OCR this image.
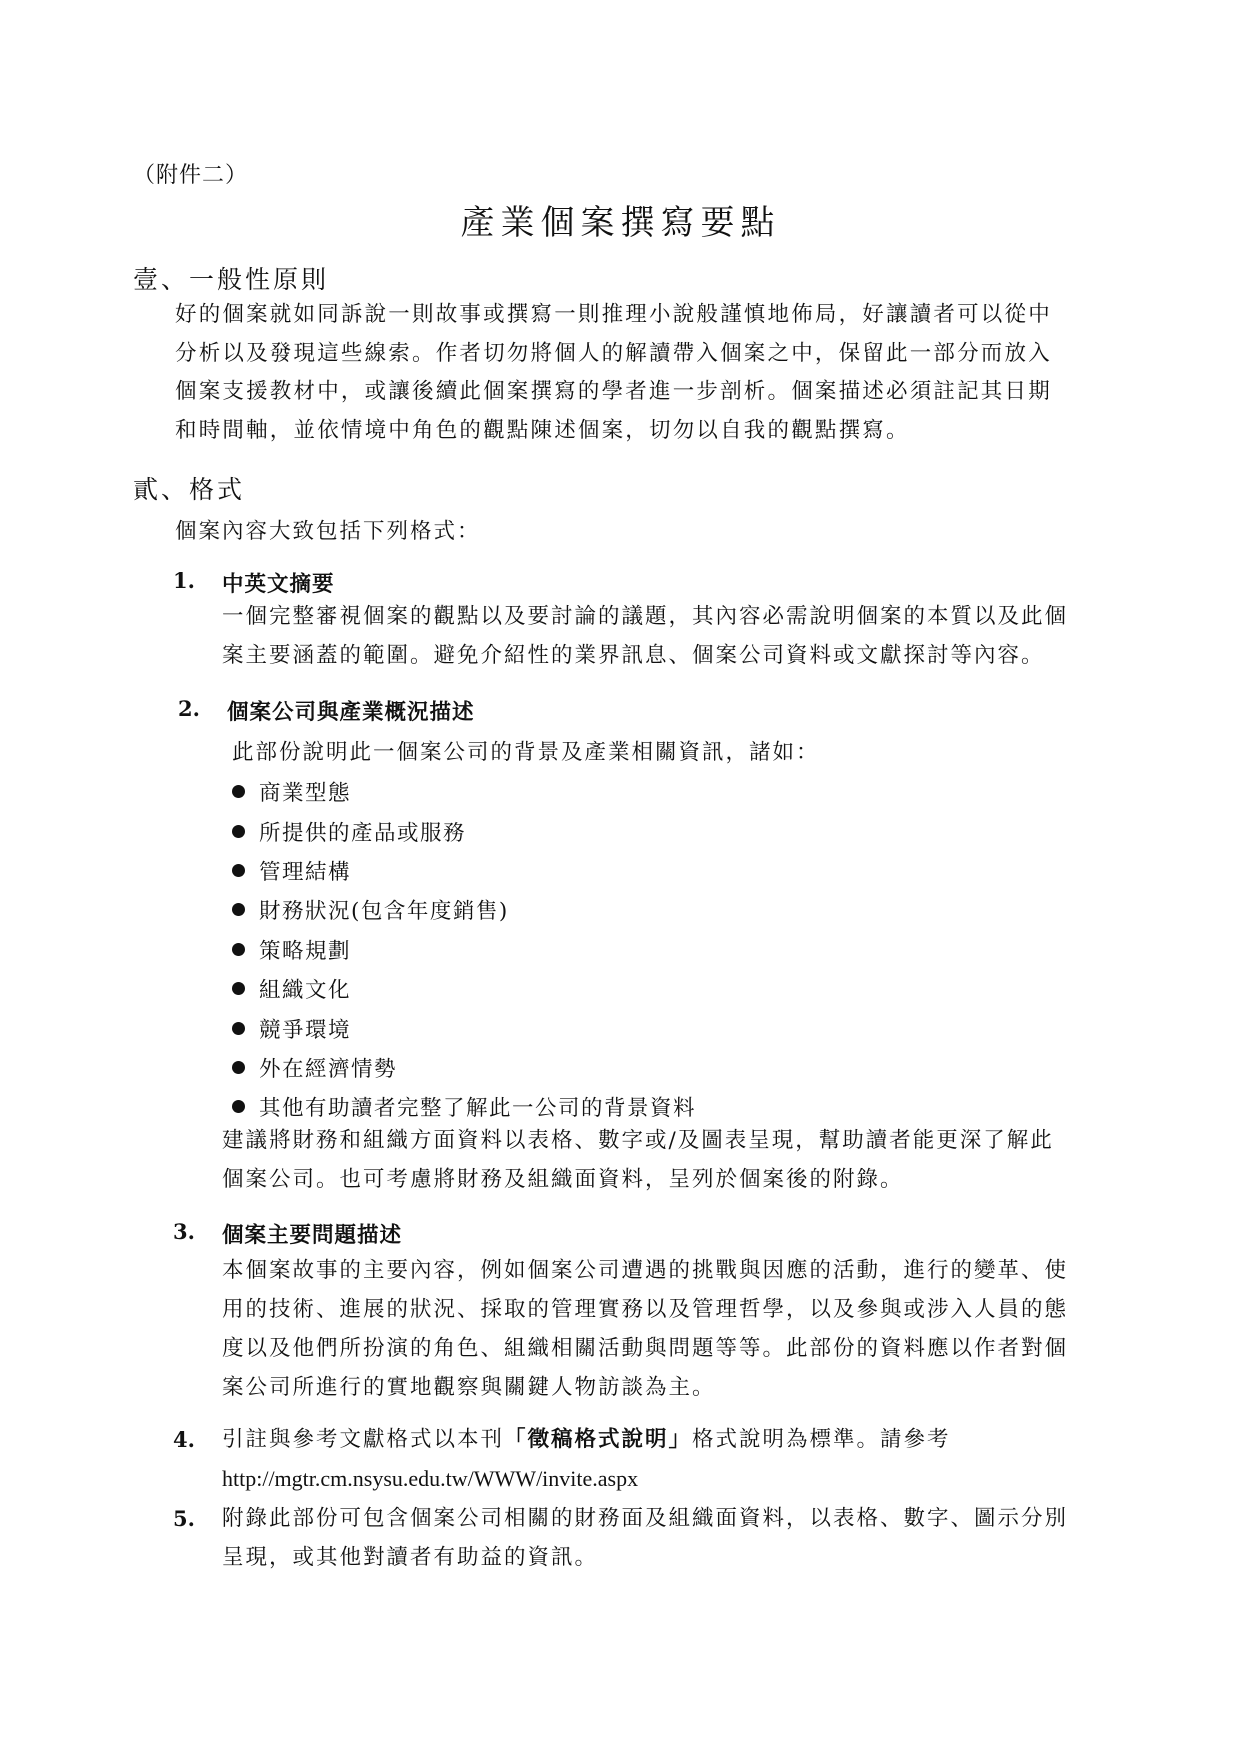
（附件二）
產業個案撰寫要點
壹、一般性原則
好的個案就如同訴說一則故事或撰寫一則推理小說般謹慎地佈局，好讓讀者可以從中
分析以及發現這些線索。作者切勿將個人的解讀帶入個案之中，保留此一部分而放入
個案支援教材中，或讓後續此個案撰寫的學者進一步剖析。個案描述必須註記其日期
和時間軸，並依情境中角色的觀點陳述個案，切勿以自我的觀點撰寫。
貳、格式
個案內容大致包括下列格式：
1. 中英文摘要
一個完整審視個案的觀點以及要討論的議題，其內容必需說明個案的本質以及此個
案主要涵蓋的範圍。避免介紹性的業界訊息、個案公司資料或文獻探討等內容。
2. 個案公司與產業概況描述
此部份說明此一個案公司的背景及產業相關資訊，諸如：
商業型態
所提供的產品或服務
管理結構
財務狀況(包含年度銷售)
策略規劃
組織文化
競爭環境
外在經濟情勢
其他有助讀者完整了解此一公司的背景資料
建議將財務和組織方面資料以表格、數字或/及圖表呈現，幫助讀者能更深了解此
個案公司。也可考慮將財務及組織面資料，呈列於個案後的附錄。
3. 個案主要問題描述
本個案故事的主要內容，例如個案公司遭遇的挑戰與因應的活動，進行的變革、使
用的技術、進展的狀況、採取的管理實務以及管理哲學，以及參與或涉入人員的態
度以及他們所扮演的角色、組織相關活動與問題等等。此部份的資料應以作者對個
案公司所進行的實地觀察與關鍵人物訪談為主。
4. 引註與參考文獻格式以本刊「徵稿格式說明」格式說明為標準。請參考
http://mgtr.cm.nsysu.edu.tw/WWW/invite.aspx
5. 附錄此部份可包含個案公司相關的財務面及組織面資料，以表格、數字、圖示分別
呈現，或其他對讀者有助益的資訊。
